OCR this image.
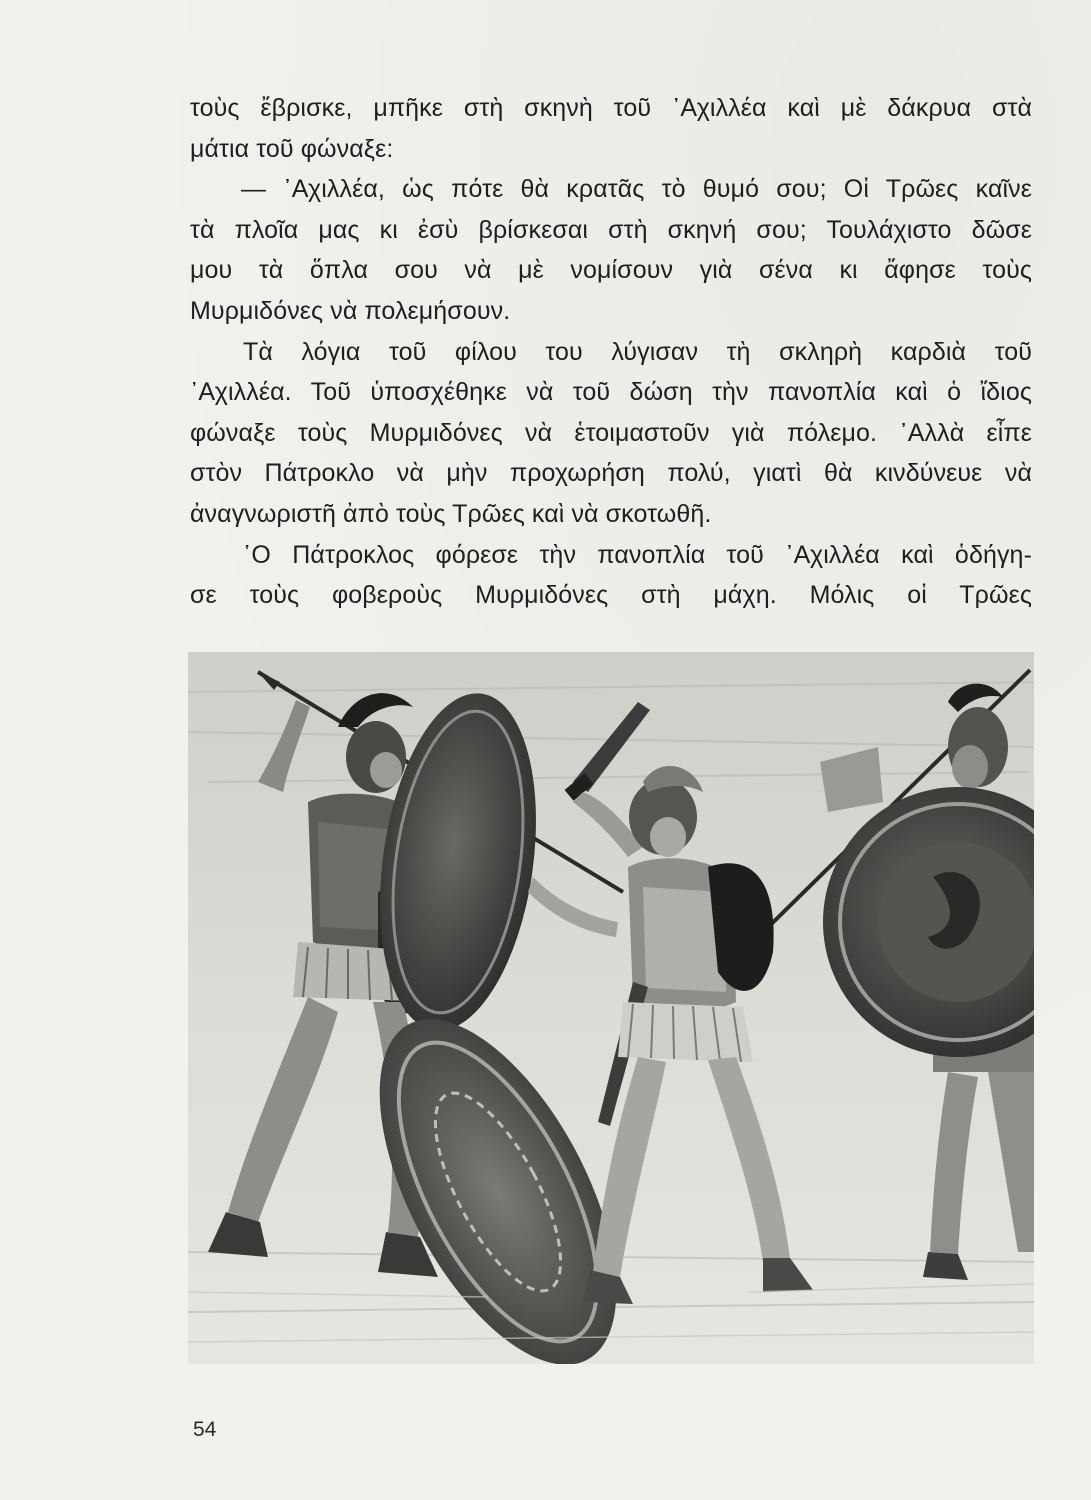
τοὺς ἔβρισκε, μπῆκε στὴ σκηνὴ τοῦ ᾿Αχιλλέα καὶ μὲ δάκρυα στὰ
μάτια τοῦ φώναξε:
— ᾿Αχιλλέα, ὡς πότε θὰ κρατᾶς τὸ θυμό σου; Οἱ Τρῶες καῖνε
τὰ πλοῖα μας κι ἐσὺ βρίσκεσαι στὴ σκηνή σου; Τουλάχιστο δῶσε
μου τὰ ὅπλα σου νὰ μὲ νομίσουν γιὰ σένα κι ἄφησε τοὺς
Μυρμιδόνες νὰ πολεμήσουν.
Τὰ λόγια τοῦ φίλου του λύγισαν τὴ σκληρὴ καρδιὰ τοῦ
᾿Αχιλλέα. Τοῦ ὑποσχέθηκε νὰ τοῦ δώση τὴν πανοπλία καὶ ὁ ἴδιος
φώναξε τοὺς Μυρμιδόνες νὰ ἑτοιμαστοῦν γιὰ πόλεμο. ᾿Αλλὰ εἶπε
στὸν Πάτροκλο νὰ μὴν προχωρήση πολύ, γιατὶ θὰ κινδύνευε νὰ
ἀναγνωριστῆ ἀπὸ τοὺς Τρῶες καὶ νὰ σκοτωθῆ.
῾Ο Πάτροκλος φόρεσε τὴν πανοπλία τοῦ ᾿Αχιλλέα καὶ ὁδήγη-
σε τοὺς φοβεροὺς Μυρμιδόνες στὴ μάχη. Μόλις οἱ Τρῶες
54
